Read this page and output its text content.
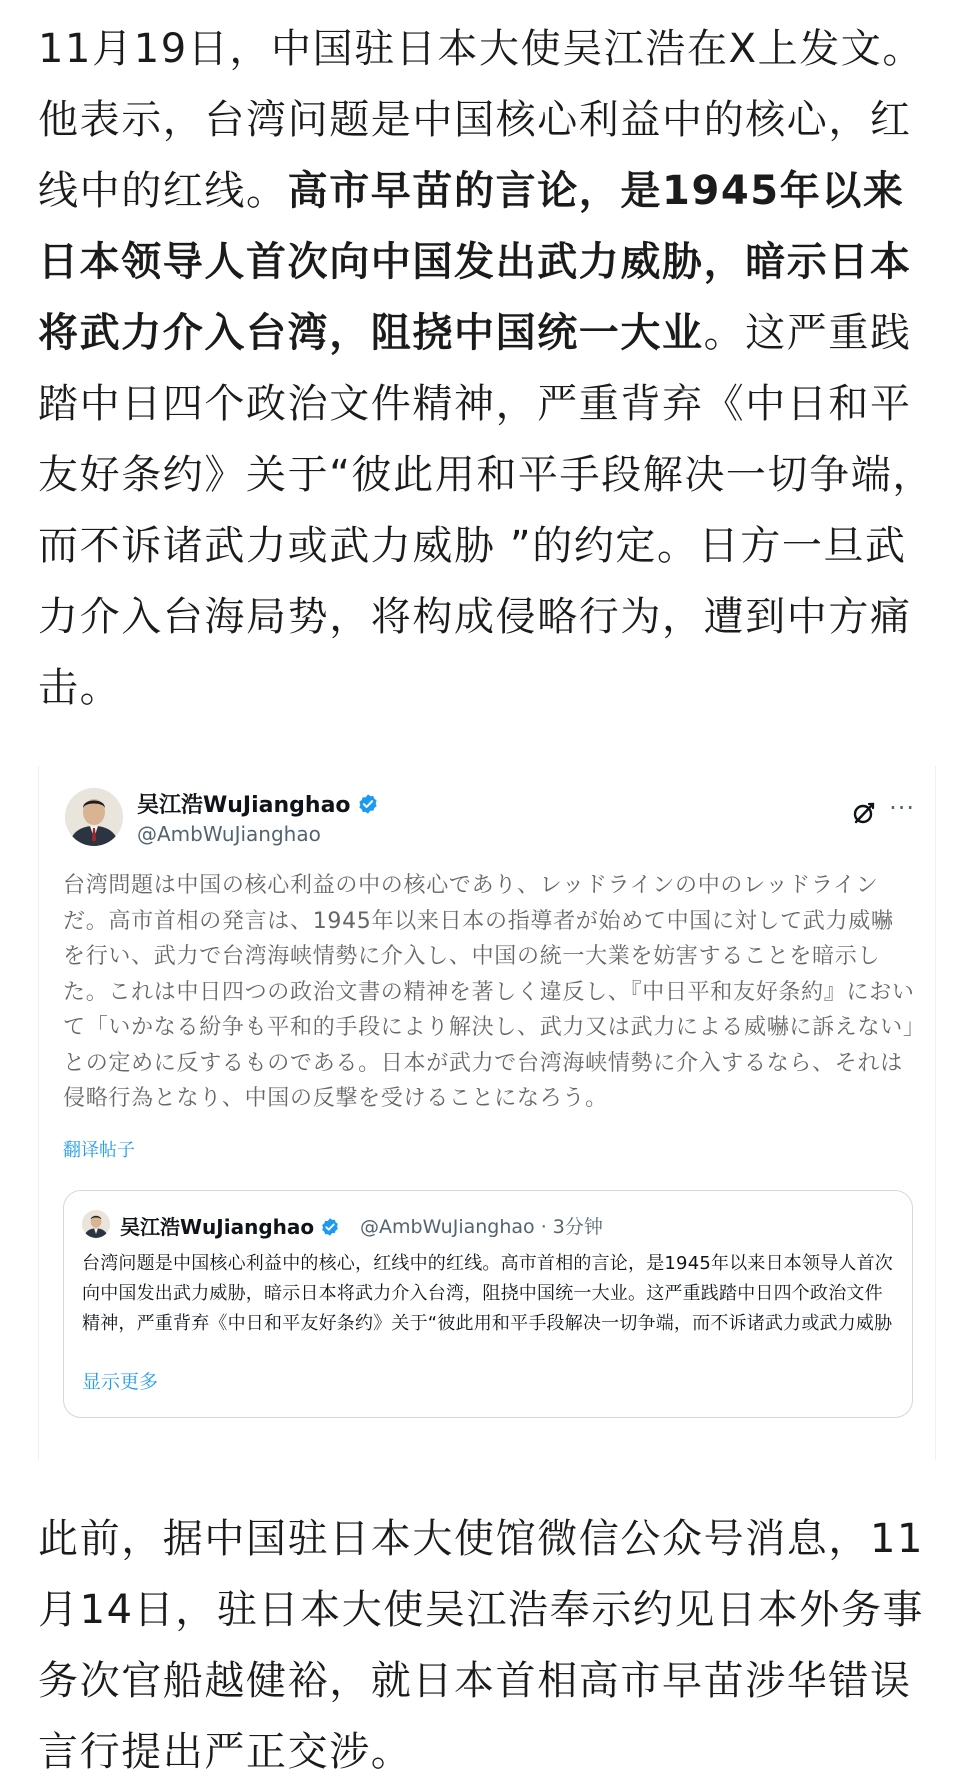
11月19日，中国驻日本大使吴江浩在X上发文。他表示，台湾问题是中国核心利益中的核心，红线中的红线。高市早苗的言论，是1945年以来日本领导人首次向中国发出武力威胁，暗示日本将武力介入台湾，阻挠中国统一大业。这严重践踏中日四个政治文件精神，严重背弃《中日和平友好条约》关于“彼此用和平手段解决一切争端，而不诉诸武力或武力威胁 ”的约定。日方一旦武力介入台海局势，将构成侵略行为，遭到中方痛击。
吴江浩WuJianghao
@AmbWuJianghao
···
台湾問題は中国の核心利益の中の核心であり、レッドラインの中のレッドラインだ。高市首相の発言は、1945年以来日本の指導者が始めて中国に対して武力威嚇を行い、武力で台湾海峡情勢に介入し、中国の統一大業を妨害することを暗示した。これは中日四つの政治文書の精神を著しく違反し、『中日平和友好条約』において「いかなる紛争も平和的手段により解決し、武力又は武力による威嚇に訴えない」との定めに反するものである。日本が武力で台湾海峡情勢に介入するなら、それは侵略行為となり、中国の反撃を受けることになろう。
翻译帖子
吴江浩WuJianghao	@AmbWuJianghao · 3分钟
台湾问题是中国核心利益中的核心，红线中的红线。高市首相的言论，是1945年以来日本领导人首次向中国发出武力威胁，暗示日本将武力介入台湾，阻挠中国统一大业。这严重践踏中日四个政治文件精神，严重背弃《中日和平友好条约》关于“彼此用和平手段解决一切争端，而不诉诸武力或武力威胁
显示更多
此前，据中国驻日本大使馆微信公众号消息，11月14日，驻日本大使吴江浩奉示约见日本外务事务次官船越健裕，就日本首相高市早苗涉华错误言行提出严正交涉。
